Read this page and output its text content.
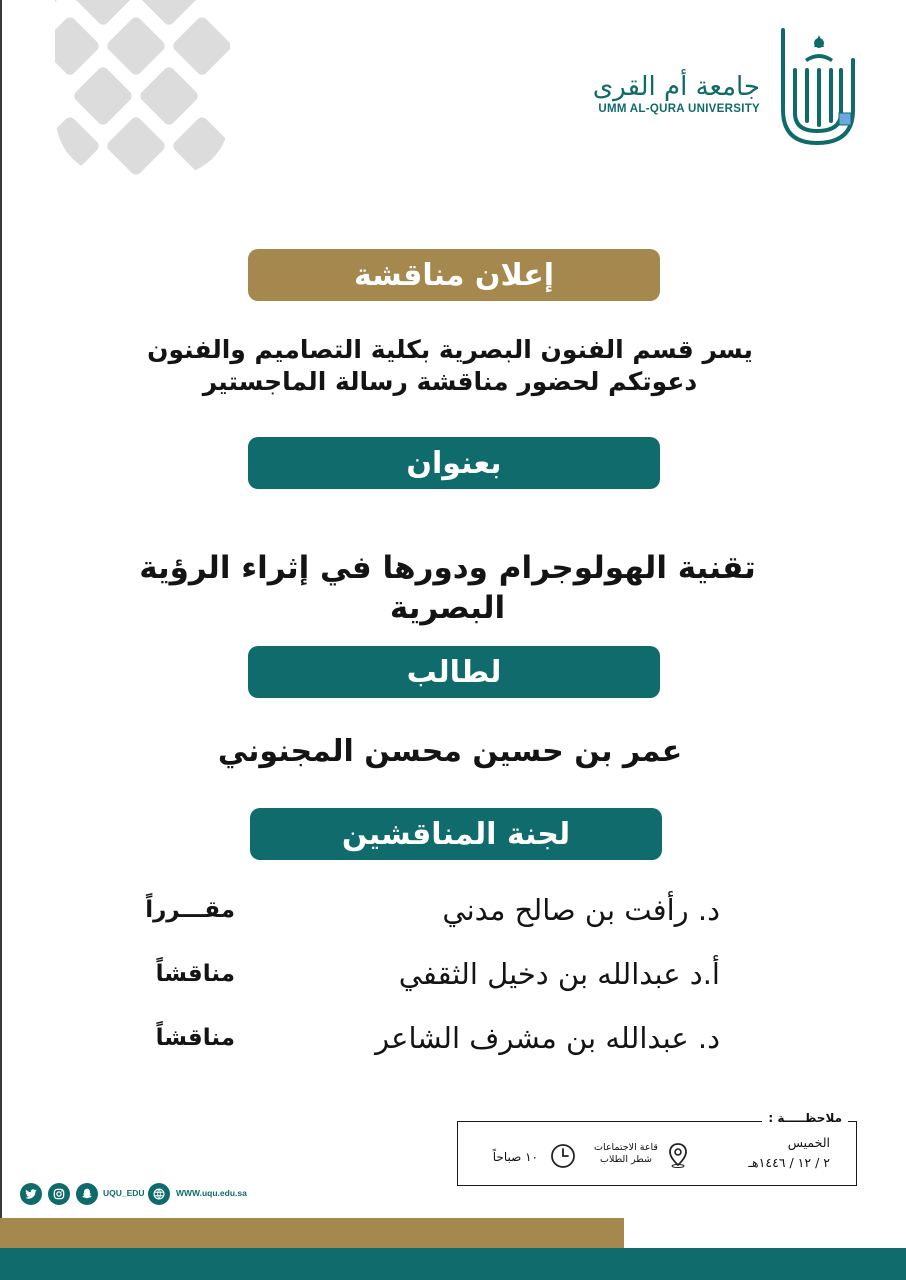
جامعة أم القرى
UMM AL-QURA UNIVERSITY
إعلان مناقشة
يسر قسم الفنون البصرية بكلية التصاميم والفنون
دعوتكم لحضور مناقشة رسالة الماجستير
بعنوان
تقنية الهولوجرام ودورها في إثراء الرؤية البصرية
لطالب
عمر بن حسين محسن المجنوني
لجنة المناقشين
د. رأفت بن صالح مدني
مقـــرراً
أ.د عبدالله بن دخيل الثقفي
مناقشاً
د. عبدالله بن مشرف الشاعر
مناقشاً
ملاحظـــــة :
الخميس
٢ / ١٢ / ١٤٤٦هـ
قاعة الاجتماعات
شطر الطلاب
١٠ صباحاً
UQU_EDU	WWW.uqu.edu.sa
